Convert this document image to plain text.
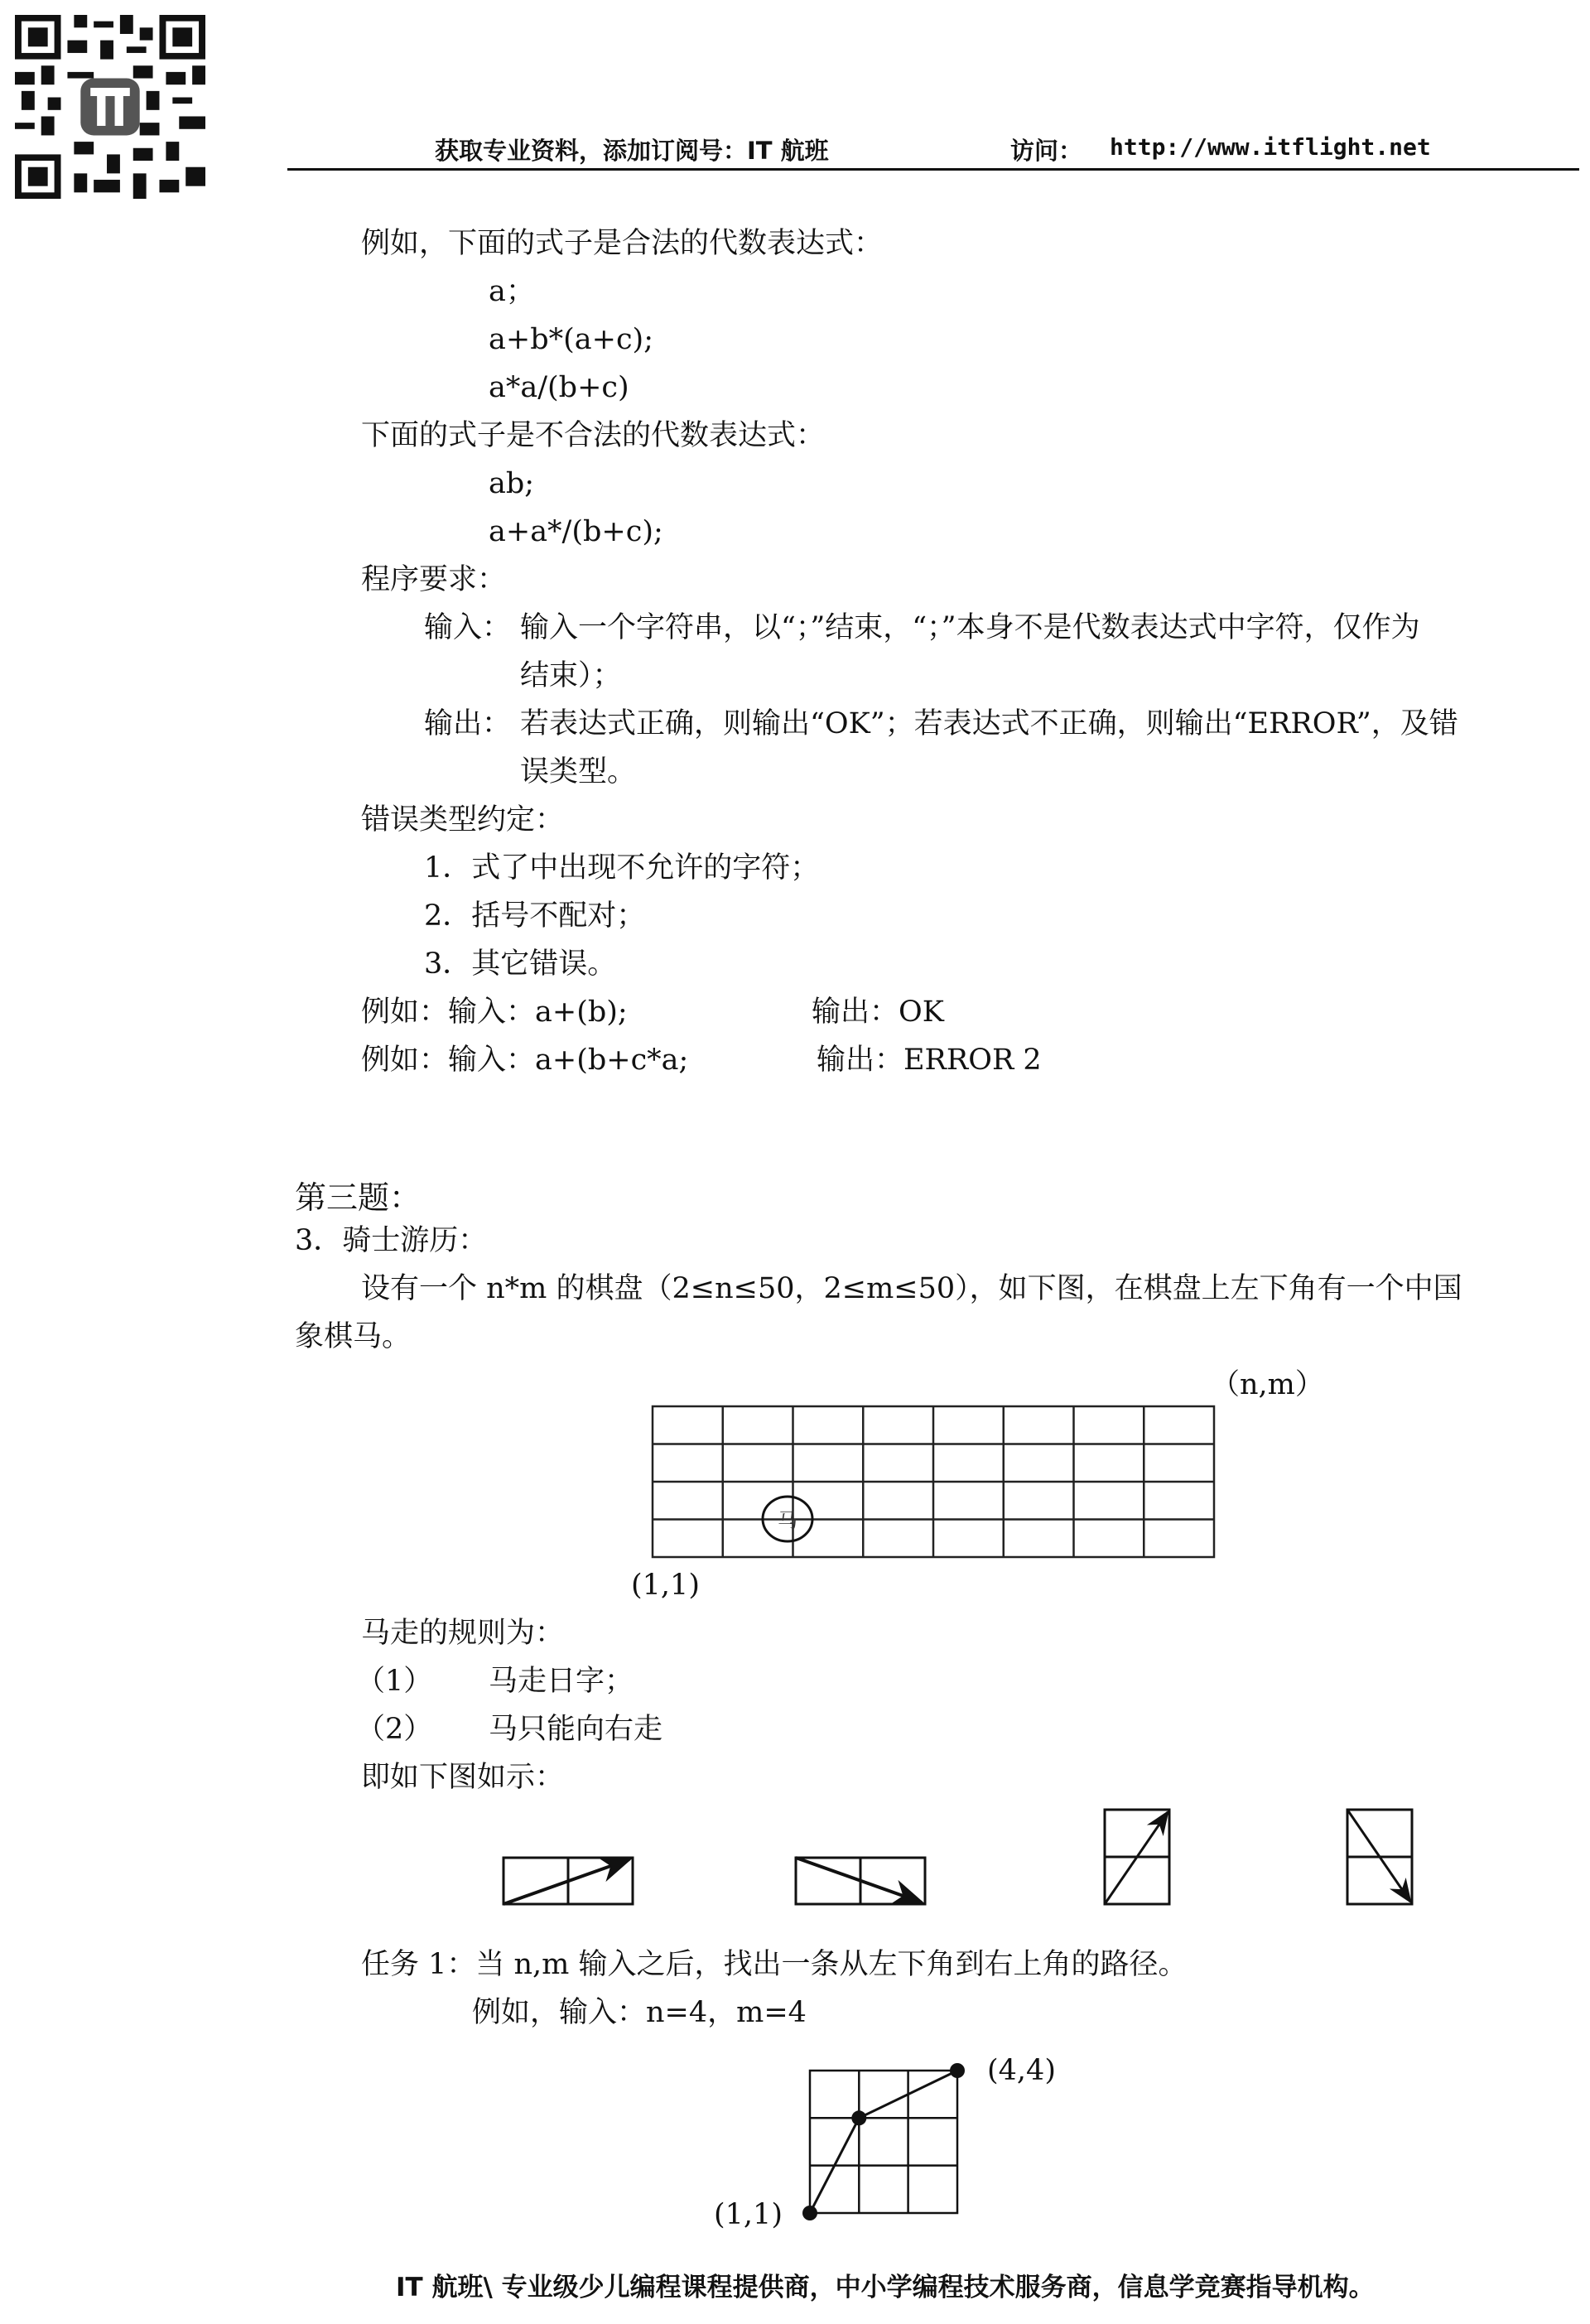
获取专业资料，添加订阅号：IT 航班	访问： http://www.itflight.net
例如，下面的式子是合法的代数表达式：
a；
a+b*(a+c);
a*a/(b+c)
下面的式子是不合法的代数表达式：
ab;
a+a*/(b+c);
程序要求：
输入： 输入一个字符串，以“；”结束，“；”本身不是代数表达式中字符，仅作为
结束）；
输出： 若表达式正确，则输出“OK”；若表达式不正确，则输出“ERROR”，及错
误类型。
错误类型约定：
1．式了中出现不允许的字符；
2．括号不配对；
3．其它错误。
例如：输入：a+(b);	输出：OK
例如：输入：a+(b+c*a;	输出：ERROR 2
第三题：
3．骑士游历：
设有一个 n*m 的棋盘（2≤n≤50，2≤m≤50），如下图，在棋盘上左下角有一个中国
象棋马。
（n,m）
马
(1,1)
马走的规则为：
（1） 马走日字；
（2） 马只能向右走
即如下图如示：
任务 1：当 n,m 输入之后，找出一条从左下角到右上角的路径。
例如，输入：n=4，m=4
(4,4)
(1,1)
IT 航班\ 专业级少儿编程课程提供商，中小学编程技术服务商，信息学竞赛指导机构。
